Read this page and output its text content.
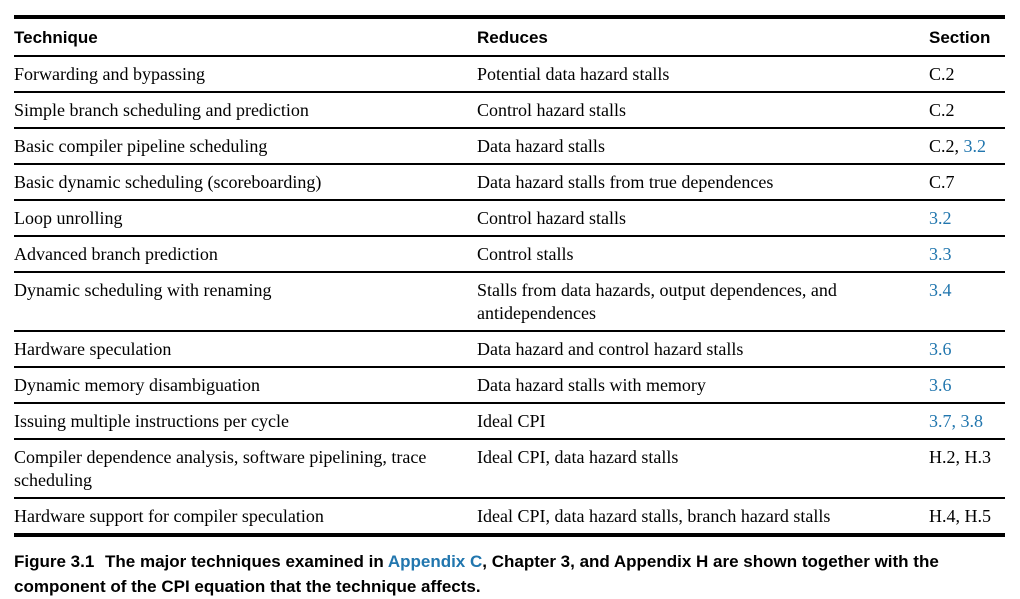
Technique	Reduces	Section
Forwarding and bypassing	Potential data hazard stalls	C.2
Simple branch scheduling and prediction	Control hazard stalls	C.2
Basic compiler pipeline scheduling	Data hazard stalls	C.2, 3.2
Basic dynamic scheduling (scoreboarding)	Data hazard stalls from true dependences	C.7
Loop unrolling	Control hazard stalls	3.2
Advanced branch prediction	Control stalls	3.3
Dynamic scheduling with renaming	Stalls from data hazards, output dependences, and antidependences	3.4
Hardware speculation	Data hazard and control hazard stalls	3.6
Dynamic memory disambiguation	Data hazard stalls with memory	3.6
Issuing multiple instructions per cycle	Ideal CPI	3.7, 3.8
Compiler dependence analysis, software pipelining, trace scheduling	Ideal CPI, data hazard stalls	H.2, H.3
Hardware support for compiler speculation	Ideal CPI, data hazard stalls, branch hazard stalls	H.4, H.5

Figure 3.1 The major techniques examined in Appendix C, Chapter 3, and Appendix H are shown together with the component of the CPI equation that the technique affects.
